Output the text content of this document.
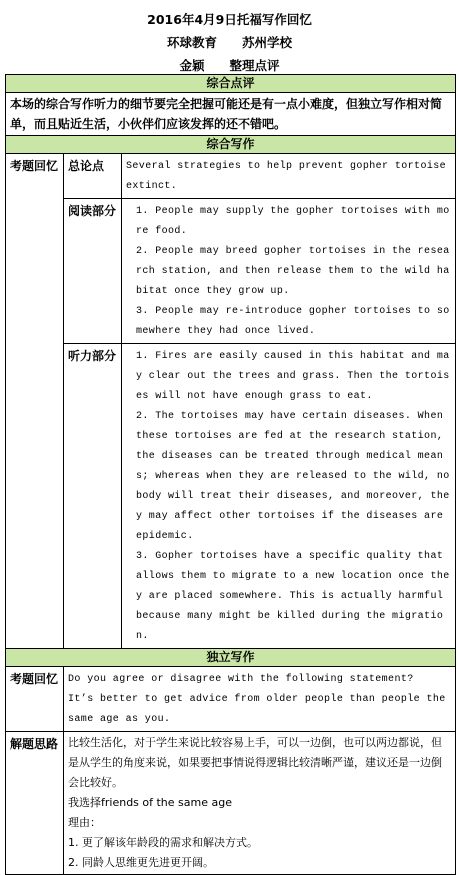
2016年4月9日托福写作回忆
环球教育　　苏州学校
金颖　　整理点评
综合点评		
本场的综合写作听力的细节要完全把握可能还是有一点小难度，但独立写作相对简单，而且贴近生活，小伙伴们应该发挥的还不错吧。		
综合写作		
考题回忆	总论点	Several strategies to help prevent gopher tortoise extinct.
	阅读部分	1. People may supply the gopher tortoises with more food.

2. People may breed gopher tortoises in the research station, and then release them to the wild habitat once they grow up.

3. People may re-introduce gopher tortoises to somewhere they had once lived.

	听力部分	1. Fires are easily caused in this habitat and may clear out the trees and grass. Then the tortoises will not have enough grass to eat.

2. The tortoises may have certain diseases. When these tortoises are fed at the research station, the diseases can be treated through medical means; whereas when they are released to the wild, nobody will treat their diseases, and moreover, they may affect other tortoises if the diseases are epidemic.

3. Gopher tortoises have a specific quality that allows them to migrate to a new location once they are placed somewhere. This is actually harmful because many might be killed during the migration.

独立写作		
考题回忆	Do you agree or disagree with the following statement?

It’s better to get advice from older people than people the same age as you.	

解题思路	比较生活化，对于学生来说比较容易上手，可以一边倒，也可以两边都说，但是从学生的角度来说，如果要把事情说得逻辑比较清晰严谨，建议还是一边倒会比较好。

我选择friends of the same age

理由：

1. 更了解该年龄段的需求和解决方式。

2. 同龄人思维更先进更开阔。	
